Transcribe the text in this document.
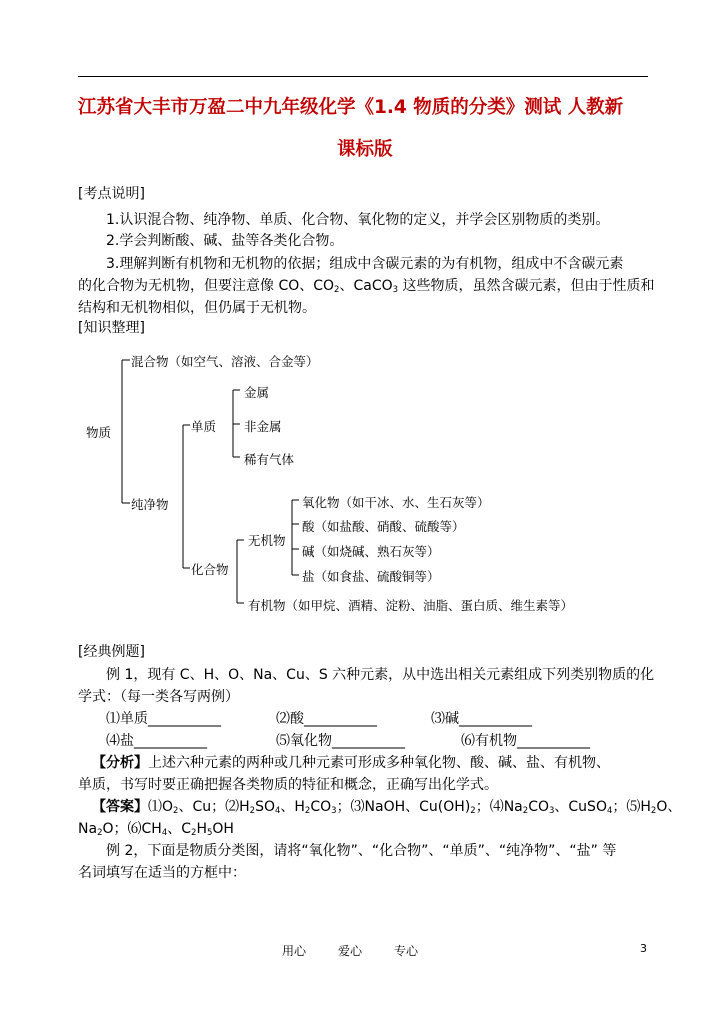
江苏省大丰市万盈二中九年级化学《1.4 物质的分类》测试 人教新
课标版
[考点说明]
1.认识混合物、纯净物、单质、化合物、氧化物的定义，并学会区别物质的类别。
2.学会判断酸、碱、盐等各类化合物。
3.理解判断有机物和无机物的依据；组成中含碳元素的为有机物，组成中不含碳元素
的化合物为无机物，但要注意像 CO、$CO_2$、CaCO$_3$ 这些物质，虽然含碳元素，但由于性质和
结构和无机物相似，但仍属于无机物。
[知识整理]
物质
混合物（如空气、溶液、合金等）
纯净物
单质
金属
非金属
稀有气体
化合物
无机物
氧化物（如干冰、水、生石灰等）
酸（如盐酸、硝酸、硫酸等）
碱（如烧碱、熟石灰等）
盐（如食盐、硫酸铜等）
有机物（如甲烷、酒精、淀粉、油脂、蛋白质、维生素等）
[经典例题]
例 1，现有 C、H、O、Na、Cu、S 六种元素，从中选出相关元素组成下列类别物质的化
学式：（每一类各写两例）
⑴单质____________	⑵酸____________	⑶碱____________
⑷盐____________	⑸氧化物____________	⑹有机物____________
【分析】上述六种元素的两种或几种元素可形成多种氧化物、酸、碱、盐、有机物、
单质，书写时要正确把握各类物质的特征和概念，正确写出化学式。
【答案】$⑴O_2$、Cu；$⑵H_2SO_4$、$H_2CO_3$；⑶NaOH、$Cu(OH)_2$；$⑷Na_2CO_3$、CuSO$_4$；$⑸H_2O$、
$Na_2O$；$⑹CH_4$、$C_2H_5OH$
例 2，下面是物质分类图，请将“氧化物”、“化合物”、“单质”、“纯净物”、“盐” 等
名词填写在适当的方框中：
用心	爱心	专心	3
